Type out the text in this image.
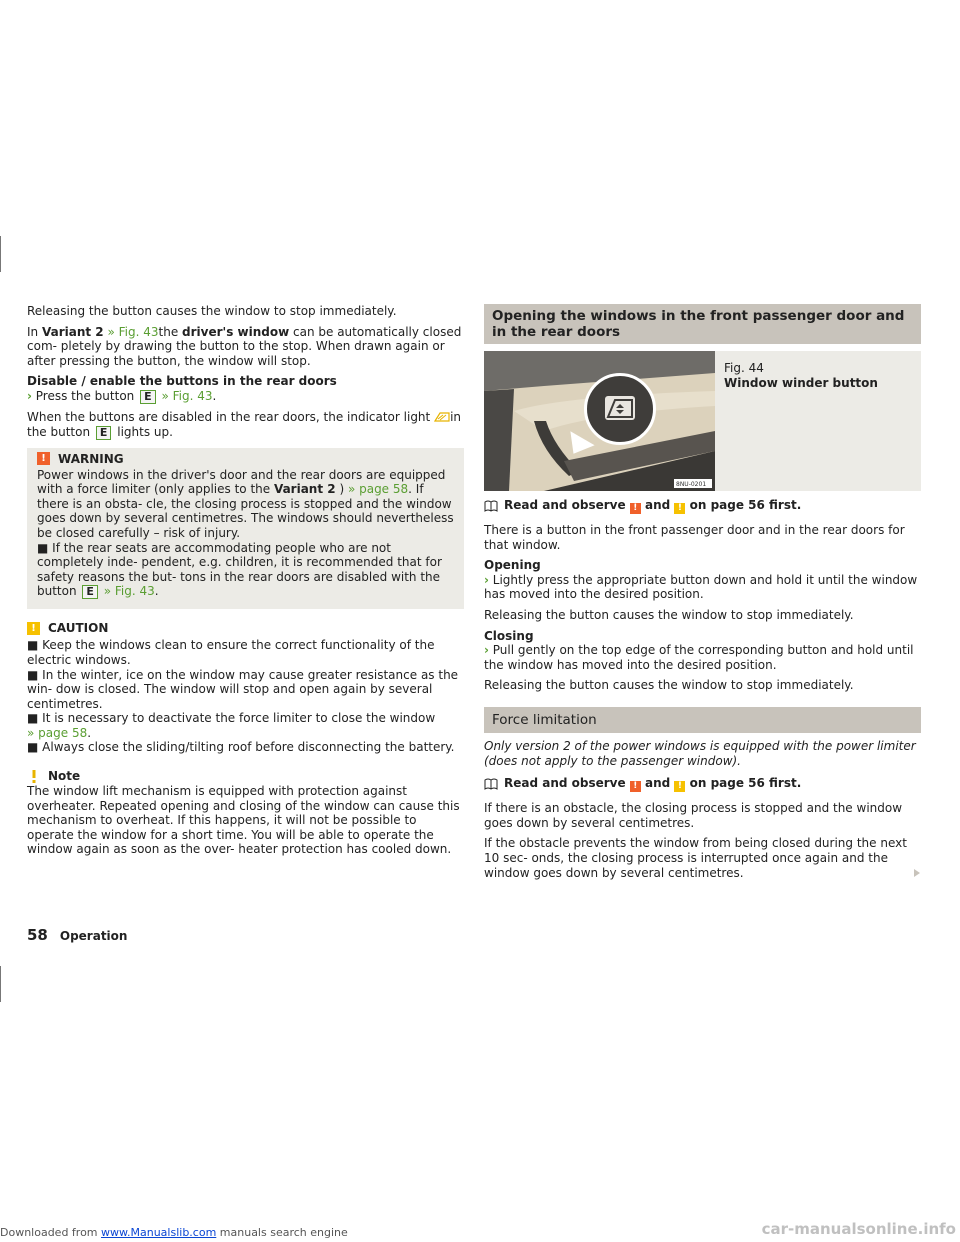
Releasing the button causes the window to stop immediately.

In Variant 2 » Fig. 43the driver's window can be automatically closed com- pletely by drawing the button to the stop. When drawn again or after pressing the button, the window will stop.

Disable / enable the buttons in the rear doors

› Press the button E » Fig. 43.

When the buttons are disabled in the rear doors, the indicator light in the button E lights up.

!	WARNING

Power windows in the driver's door and the rear doors are equipped with a force limiter (only applies to the Variant 2 ) » page 58. If there is an obsta- cle, the closing process is stopped and the window goes down by several centimetres. The windows should nevertheless be closed carefully – risk of injury.

■ If the rear seats are accommodating people who are not completely inde- pendent, e.g. children, it is recommended that for safety reasons the but- tons in the rear doors are disabled with the button E » Fig. 43.

!	CAUTION

■ Keep the windows clean to ensure the correct functionality of the electric windows.

■ In the winter, ice on the window may cause greater resistance as the win- dow is closed. The window will stop and open again by several centimetres.

■ It is necessary to deactivate the force limiter to close the window

» page 58.

■ Always close the sliding/tilting roof before disconnecting the battery.

Note

The window lift mechanism is equipped with protection against overheater. Repeated opening and closing of the window can cause this mechanism to overheat. If this happens, it will not be possible to operate the window for a short time. You will be able to operate the window again as soon as the over- heater protection has cooled down.

Opening the windows in the front passenger door and in the rear doors
8NU-0201

Fig. 44

Window winder button

Read and observe ! and ! on page 56 first.

There is a button in the front passenger door and in the rear doors for that window.

Opening

› Lightly press the appropriate button down and hold it until the window has moved into the desired position.

Releasing the button causes the window to stop immediately.

Closing

› Pull gently on the top edge of the corresponding button and hold until the window has moved into the desired position.

Releasing the button causes the window to stop immediately.

Force limitation

Only version 2 of the power windows is equipped with the power limiter (does not apply to the passenger window).

Read and observe ! and ! on page 56 first.

If there is an obstacle, the closing process is stopped and the window goes down by several centimetres.

If the obstacle prevents the window from being closed during the next 10 sec- onds, the closing process is interrupted once again and the window goes down by several centimetres.

58 Operation
Downloaded from www.Manualslib.com manuals search engine	car-manualsonline.info
